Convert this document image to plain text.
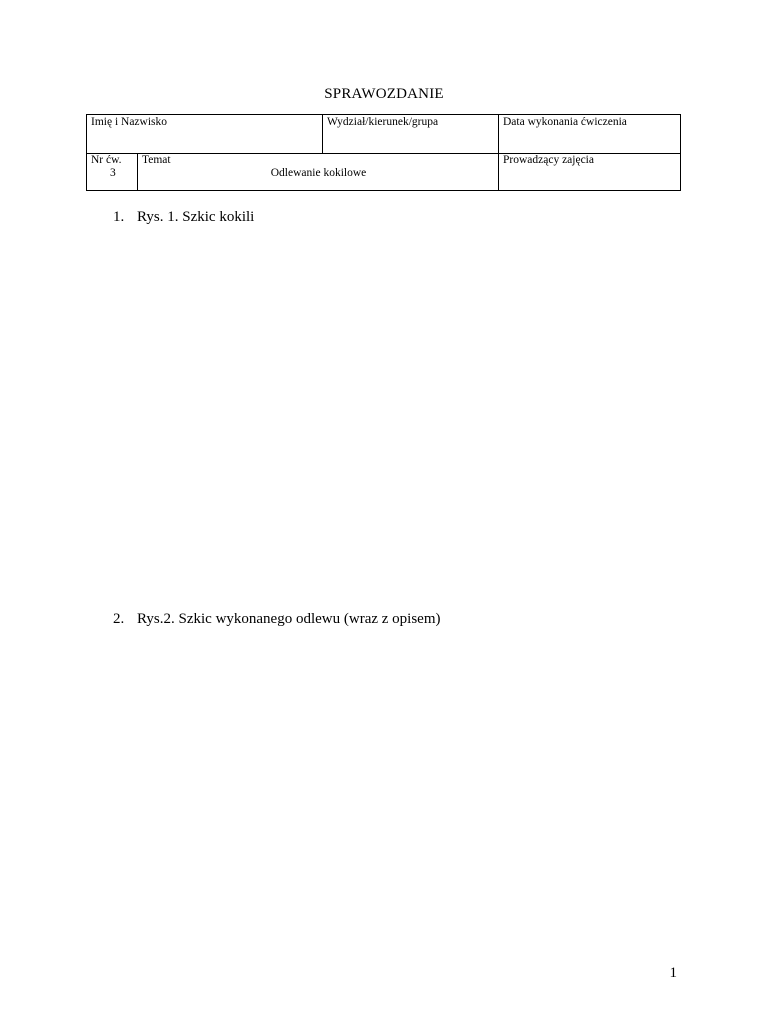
SPRAWOZDANIE
Imię i Nazwisko	Wydział/kierunek/grupa	Data wykonania ćwiczenia
Nr ćw.
3
Temat
Odlewanie kokilowe
Prowadzący zajęcia
1. Rys. 1. Szkic kokili
2. Rys.2. Szkic wykonanego odlewu (wraz z opisem)
1
